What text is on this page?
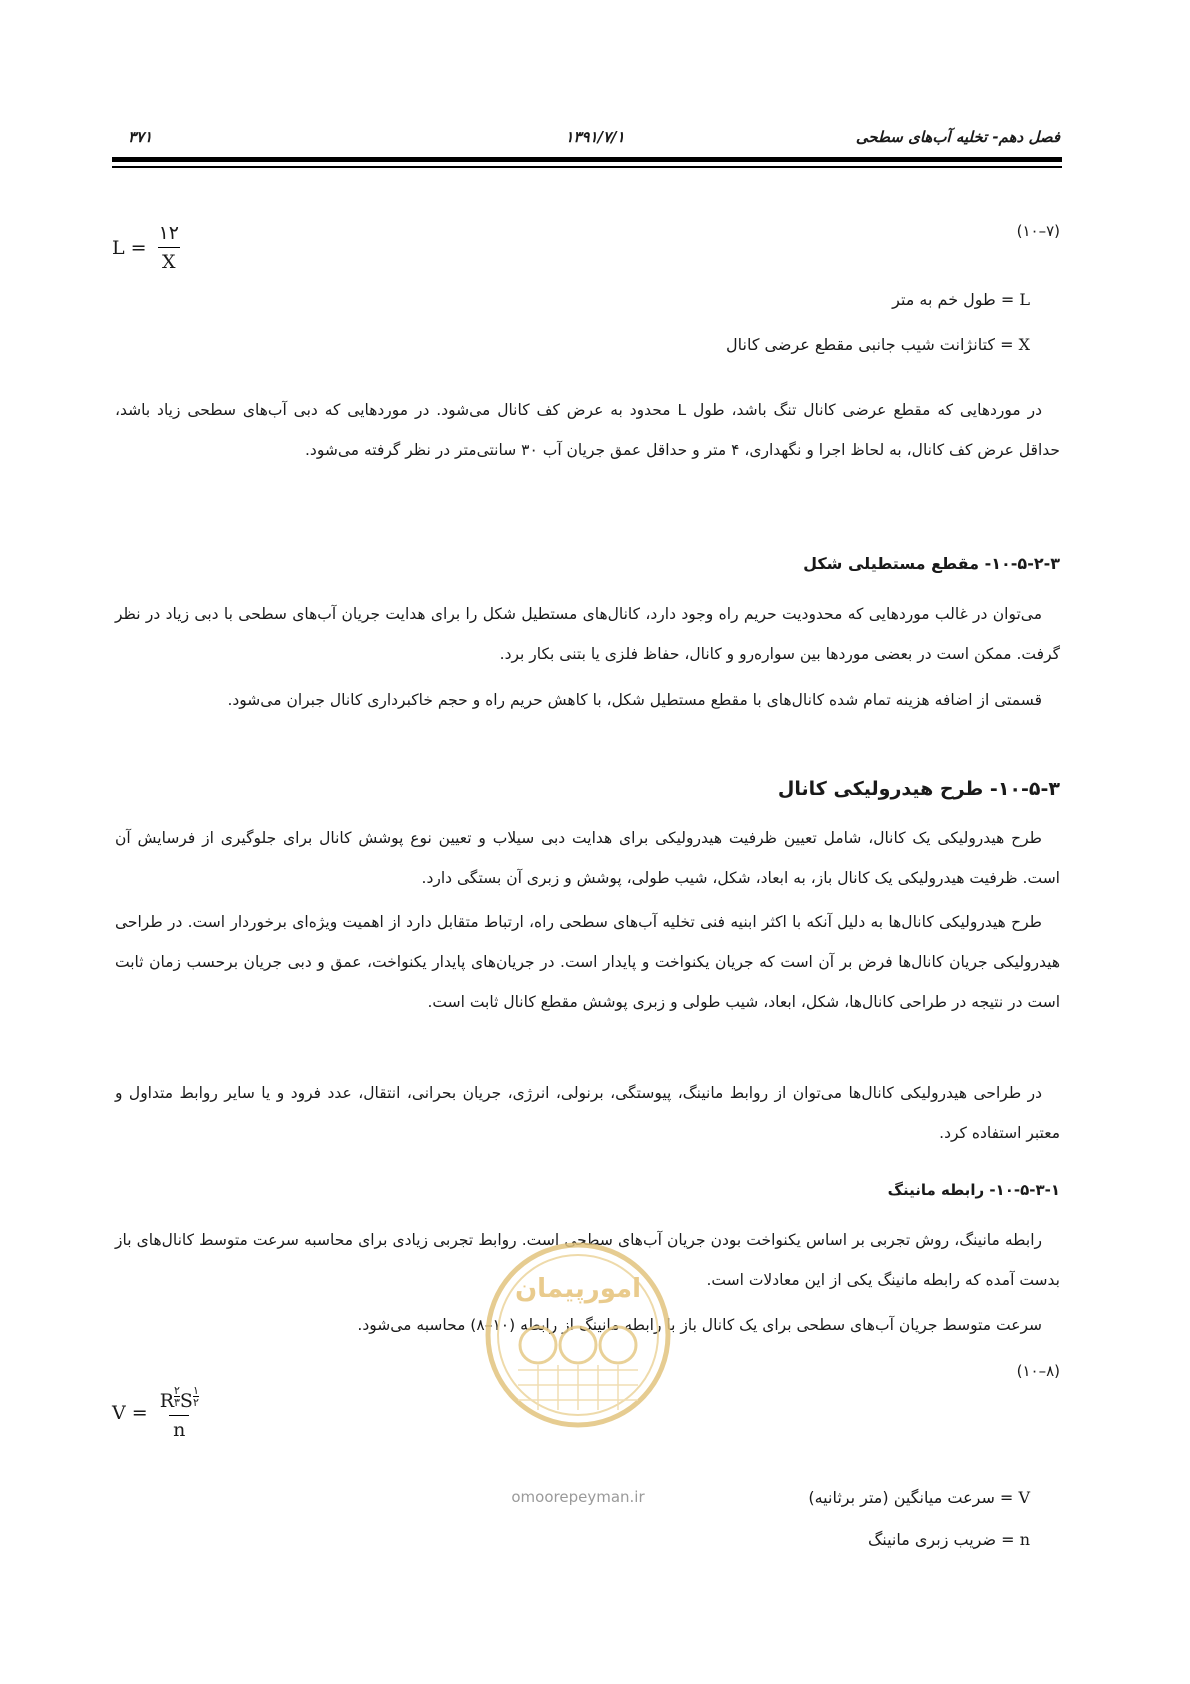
فصل دهم- تخلیه آب‌های سطحی
۱۳۹۱/۷/۱
۳۷۱
(۷–۱۰)
$L = \frac{۱۲}{X}$
L = طول خم به متر
X = کتانژانت شیب جانبی مقطع عرضی کانال

در موردهایی که مقطع عرضی کانال تنگ باشد، طول L محدود به عرض کف کانال می‌شود. در موردهایی که دبی آب‌های سطحی زیاد باشد، حداقل عرض کف کانال، به لحاظ اجرا و نگهداری، ۴ متر و حداقل عمق جریان آب ۳۰ سانتی‌متر در نظر گرفته می‌شود.

۱۰-۵-۲-۳- مقطع مستطیلی شکل

می‌توان در غالب موردهایی که محدودیت حریم راه وجود دارد، کانال‌های مستطیل شکل را برای هدایت جریان آب‌های سطحی با دبی زیاد در نظر گرفت. ممکن است در بعضی موردها بین سواره‌رو و کانال، حفاظ فلزی یا بتنی بکار برد.

قسمتی از اضافه هزینه تمام شده کانال‌های با مقطع مستطیل شکل، با کاهش حریم راه و حجم خاکبرداری کانال جبران می‌شود.

۱۰-۵-۳- طرح هیدرولیکی کانال

طرح هیدرولیکی یک کانال، شامل تعیین ظرفیت هیدرولیکی برای هدایت دبی سیلاب و تعیین نوع پوشش کانال برای جلوگیری از فرسایش آن است. ظرفیت هیدرولیکی یک کانال باز، به ابعاد، شکل، شیب طولی، پوشش و زبری آن بستگی دارد.

طرح هیدرولیکی کانال‌ها به دلیل آنکه با اکثر ابنیه فنی تخلیه آب‌های سطحی راه، ارتباط متقابل دارد از اهمیت ویژه‌ای برخوردار است. در طراحی هیدرولیکی جریان کانال‌ها فرض بر آن است که جریان یکنواخت و پایدار است. در جریان‌های پایدار یکنواخت، عمق و دبی جریان برحسب زمان ثابت است در نتیجه در طراحی کانال‌ها، شکل، ابعاد، شیب طولی و زبری پوشش مقطع کانال ثابت است.

در طراحی هیدرولیکی کانال‌ها می‌توان از روابط مانینگ، پیوستگی، برنولی، انرژی، جریان بحرانی، انتقال، عدد فرود و یا سایر روابط متداول و معتبر استفاده کرد.

۱۰-۵-۳-۱- رابطه مانینگ

رابطه مانینگ، روش تجربی بر اساس یکنواخت بودن جریان آب‌های سطحی است. روابط تجربی زیادی برای محاسبه سرعت متوسط کانال‌های باز بدست آمده که رابطه مانینگ یکی از این معادلات است.

سرعت متوسط جریان آب‌های سطحی برای یک کانال باز با رابطه مانینگ از رابطه (۱۰–۸) محاسبه می‌شود.

(۸–۱۰)
V = R $^{۲ ۳}$ S $^{۱ ۲}$
n
V = سرعت میانگین (متر برثانیه)
n = ضریب زبری مانینگ
امورپیمان
omoorepeyman.ir
